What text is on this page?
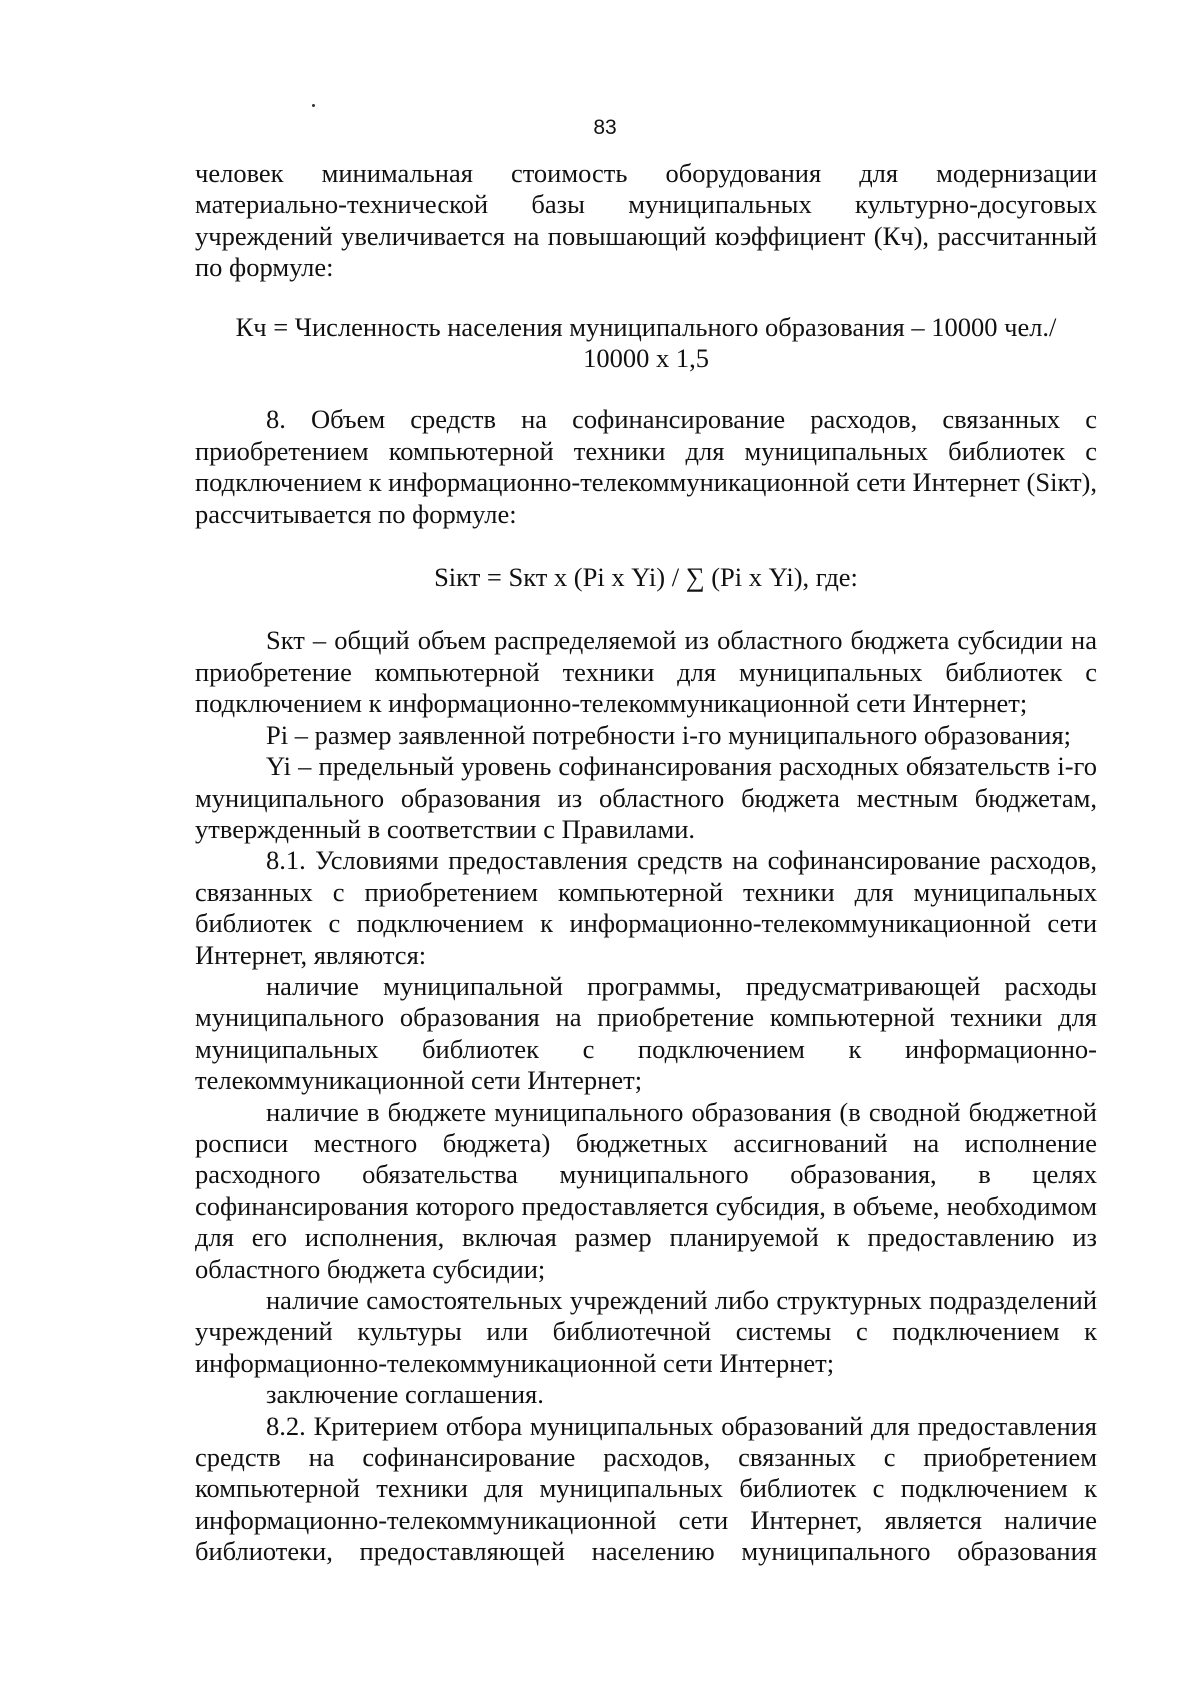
83

человек минимальная стоимость оборудования для модернизации материально-технической базы муниципальных культурно-досуговых учреждений увеличивается на повышающий коэффициент (Кч), рассчитанный по формуле:

Кч = Численность населения муниципального образования – 10000 чел./

10000 х 1,5

8. Объем средств на софинансирование расходов, связанных с приобретением компьютерной техники для муниципальных библиотек с подключением к информационно-телекоммуникационной сети Интернет (Siкт), рассчитывается по формуле:

Siкт = Sкт х (Pi х Yi) / ∑ (Pi х Yi), где:

Sкт – общий объем распределяемой из областного бюджета субсидии на приобретение компьютерной техники для муниципальных библиотек с подключением к информационно-телекоммуникационной сети Интернет;

Pi – размер заявленной потребности i-го муниципального образования;

Yi – предельный уровень софинансирования расходных обязательств i-го муниципального образования из областного бюджета местным бюджетам, утвержденный в соответствии с Правилами.

8.1. Условиями предоставления средств на софинансирование расходов, связанных с приобретением компьютерной техники для муниципальных библиотек с подключением к информационно-телекоммуникационной сети Интернет, являются:

наличие муниципальной программы, предусматривающей расходы муниципального образования на приобретение компьютерной техники для муниципальных библиотек с подключением к информационно-телекоммуникационной сети Интернет;

наличие в бюджете муниципального образования (в сводной бюджетной росписи местного бюджета) бюджетных ассигнований на исполнение расходного обязательства муниципального образования, в целях софинансирования которого предоставляется субсидия, в объеме, необходимом для его исполнения, включая размер планируемой к предоставлению из областного бюджета субсидии;

наличие самостоятельных учреждений либо структурных подразделений учреждений культуры или библиотечной системы с подключением к информационно-телекоммуникационной сети Интернет;

заключение соглашения.

8.2. Критерием отбора муниципальных образований для предоставления средств на софинансирование расходов, связанных с приобретением компьютерной техники для муниципальных библиотек с подключением к информационно-телекоммуникационной сети Интернет, является наличие библиотеки, предоставляющей населению муниципального образования
